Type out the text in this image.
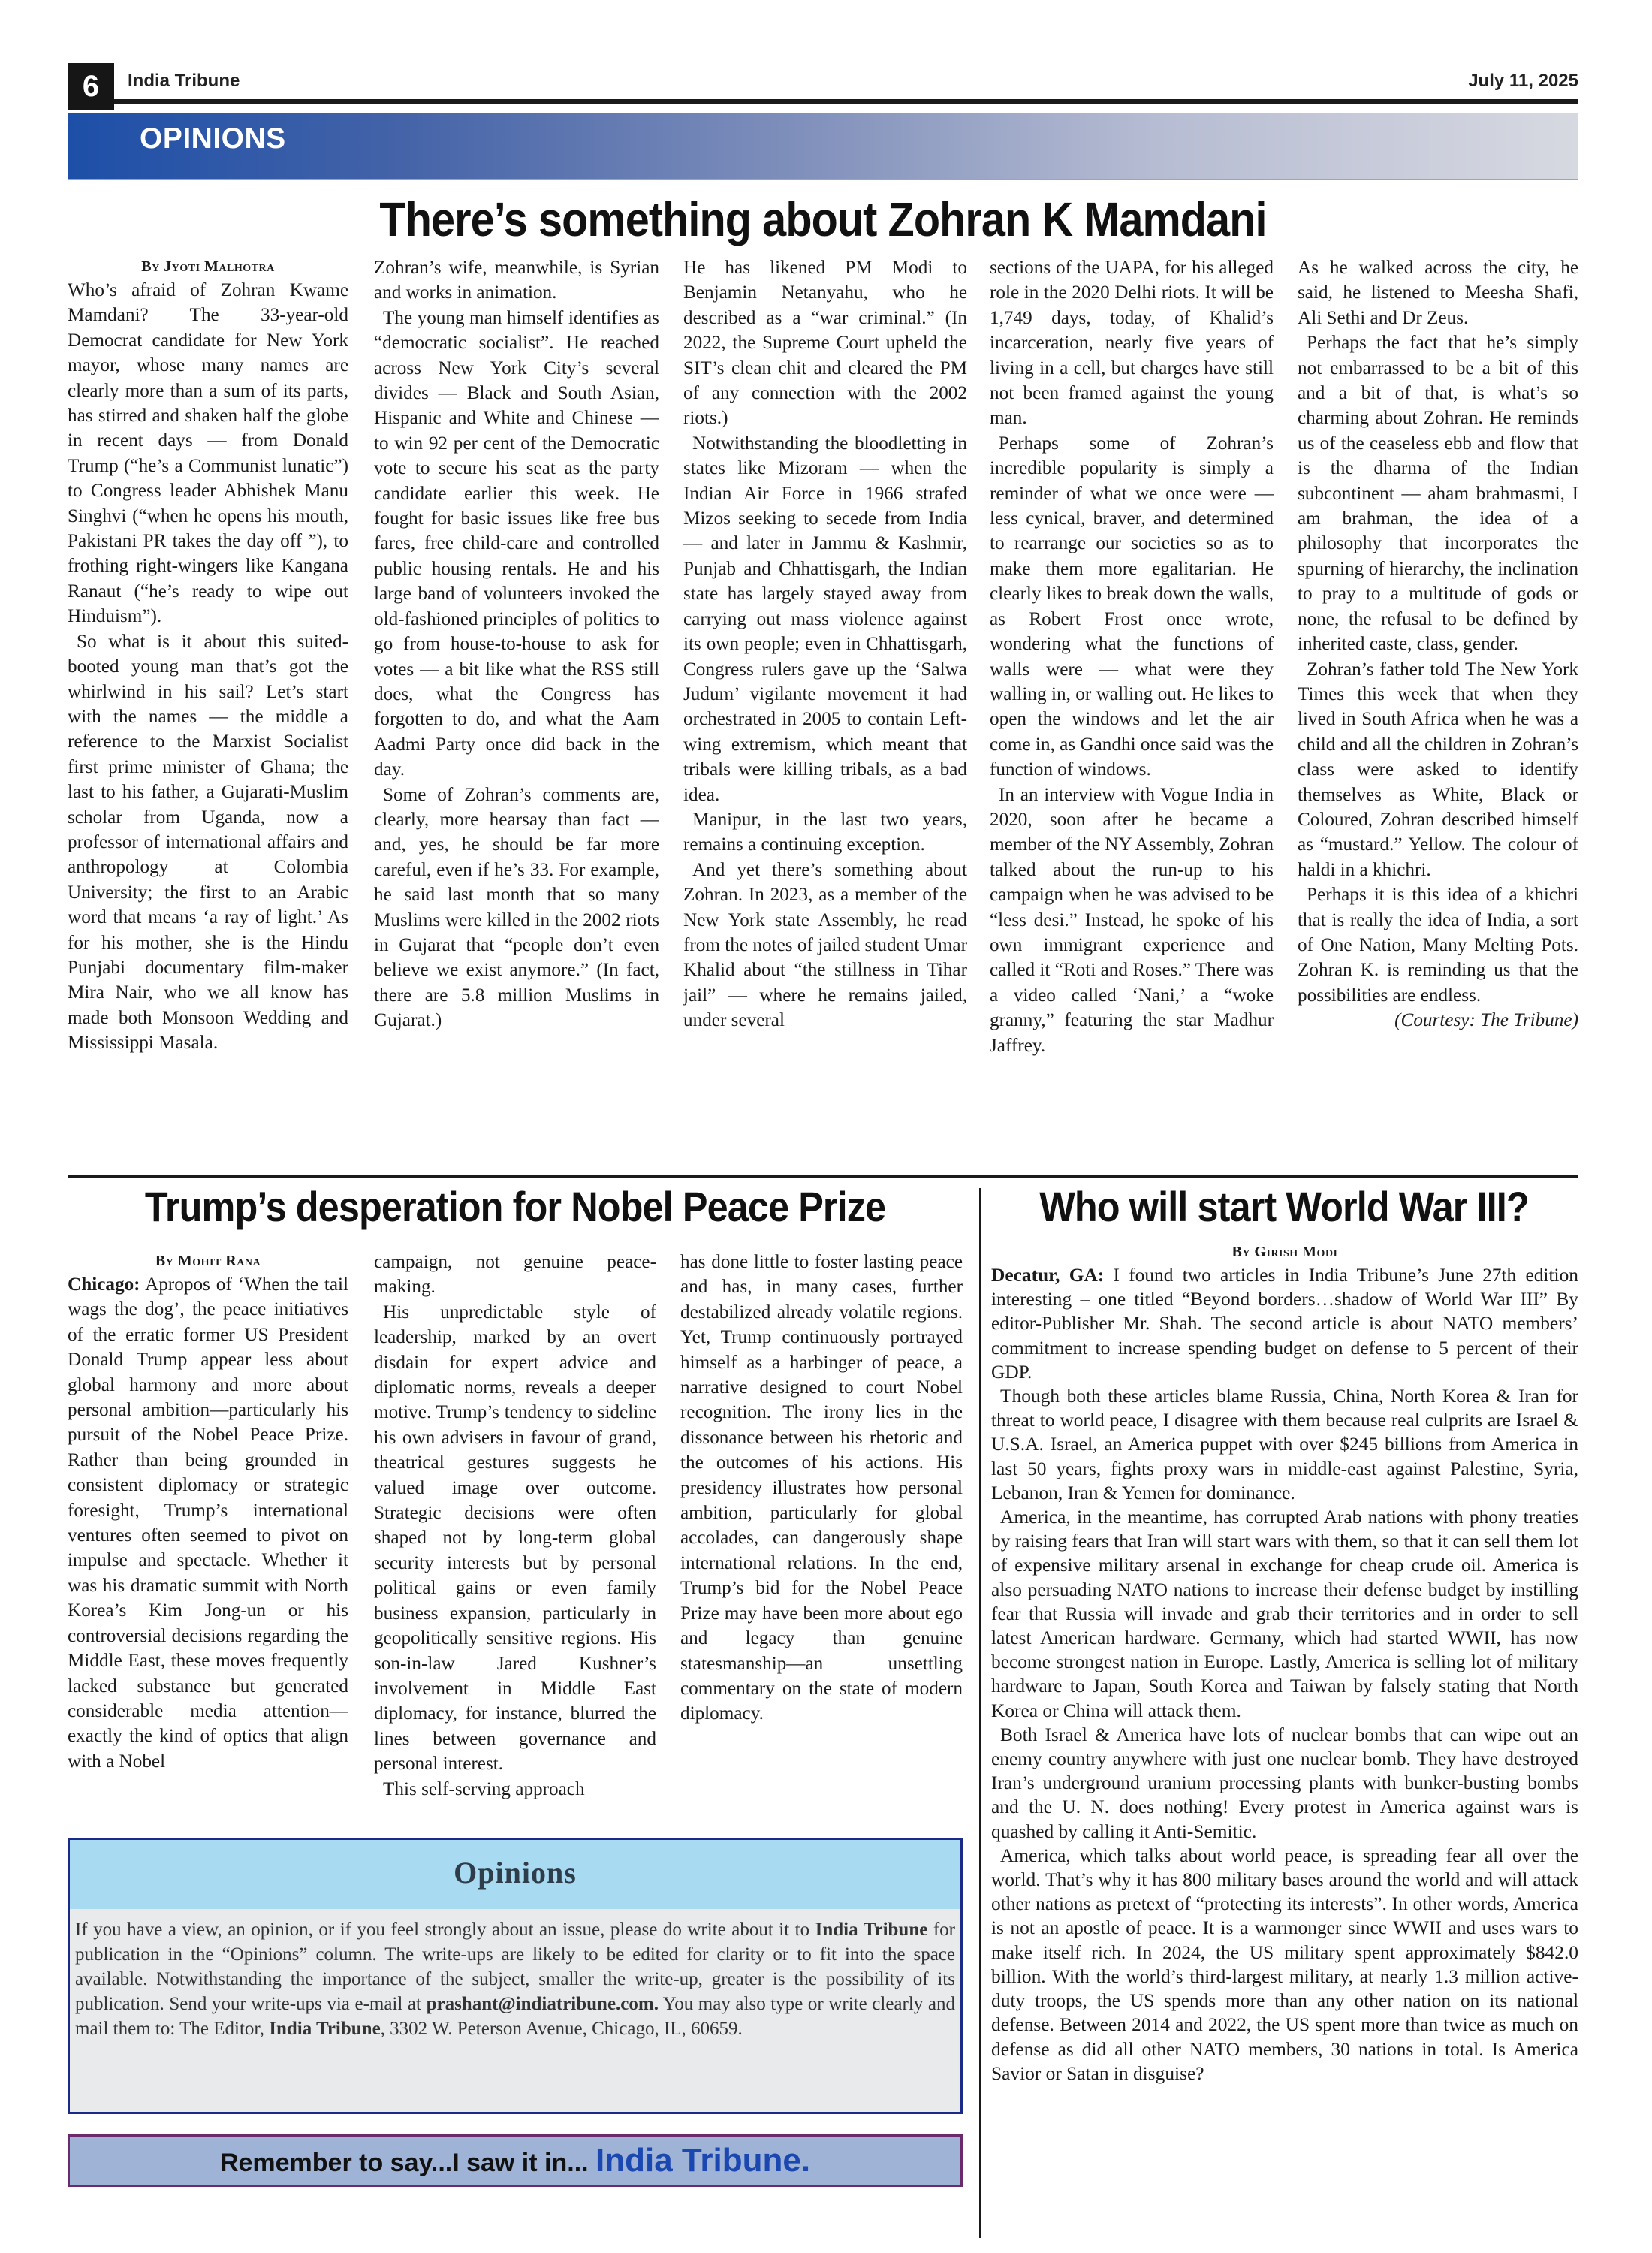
6	India Tribune	July 11, 2025
OPINIONS
There’s something about Zohran K Mamdani
By Jyoti Malhotra

Who’s afraid of Zohran Kwame Mamdani? The 33-year-old Democrat candidate for New York mayor, whose many names are clearly more than a sum of its parts, has stirred and shaken half the globe in recent days — from Donald Trump (“he’s a Communist lunatic”) to Congress leader Abhishek Manu Singhvi (“when he opens his mouth, Pakistani PR takes the day off ”), to frothing right-wingers like Kangana Ranaut (“he’s ready to wipe out Hinduism”).

So what is it about this suited-booted young man that’s got the whirlwind in his sail? Let’s start with the names — the middle a reference to the Marxist Socialist first prime minister of Ghana; the last to his father, a Gujarati-Muslim scholar from Uganda, now a professor of international affairs and anthropology at Colombia University; the first to an Arabic word that means ‘a ray of light.’ As for his mother, she is the Hindu Punjabi documentary film-maker Mira Nair, who we all know has made both Monsoon Wedding and Mississippi Masala.

Zohran’s wife, meanwhile, is Syrian and works in animation.

The young man himself identifies as “democratic socialist”. He reached across New York City’s several divides — Black and South Asian, Hispanic and White and Chinese — to win 92 per cent of the Democratic vote to secure his seat as the party candidate earlier this week. He fought for basic issues like free bus fares, free child-care and controlled public housing rentals. He and his large band of volunteers invoked the old-fashioned principles of politics to go from house-to-house to ask for votes — a bit like what the RSS still does, what the Congress has forgotten to do, and what the Aam Aadmi Party once did back in the day.

Some of Zohran’s comments are, clearly, more hearsay than fact — and, yes, he should be far more careful, even if he’s 33. For example, he said last month that so many Muslims were killed in the 2002 riots in Gujarat that “people don’t even believe we exist anymore.” (In fact, there are 5.8 million Muslims in Gujarat.)

He has likened PM Modi to Benjamin Netanyahu, who he described as a “war criminal.” (In 2022, the Supreme Court upheld the SIT’s clean chit and cleared the PM of any connection with the 2002 riots.)

Notwithstanding the bloodletting in states like Mizoram — when the Indian Air Force in 1966 strafed Mizos seeking to secede from India — and later in Jammu & Kashmir, Punjab and Chhattisgarh, the Indian state has largely stayed away from carrying out mass violence against its own people; even in Chhattisgarh, Congress rulers gave up the ‘Salwa Judum’ vigilante movement it had orchestrated in 2005 to contain Left-wing extremism, which meant that tribals were killing tribals, as a bad idea.

Manipur, in the last two years, remains a continuing exception.

And yet there’s something about Zohran. In 2023, as a member of the New York state Assembly, he read from the notes of jailed student Umar Khalid about “the stillness in Tihar jail” — where he remains jailed, under several

sections of the UAPA, for his alleged role in the 2020 Delhi riots. It will be 1,749 days, today, of Khalid’s incarceration, nearly five years of living in a cell, but charges have still not been framed against the young man.

Perhaps some of Zohran’s incredible popularity is simply a reminder of what we once were — less cynical, braver, and determined to rearrange our societies so as to make them more egalitarian. He clearly likes to break down the walls, as Robert Frost once wrote, wondering what the functions of walls were — what were they walling in, or walling out. He likes to open the windows and let the air come in, as Gandhi once said was the function of windows.

In an interview with Vogue India in 2020, soon after he became a member of the NY Assembly, Zohran talked about the run-up to his campaign when he was advised to be “less desi.” Instead, he spoke of his own immigrant experience and called it “Roti and Roses.” There was a video called ‘Nani,’ a “woke granny,” featuring the star Madhur Jaffrey.

As he walked across the city, he said, he listened to Meesha Shafi, Ali Sethi and Dr Zeus.

Perhaps the fact that he’s simply not embarrassed to be a bit of this and a bit of that, is what’s so charming about Zohran. He reminds us of the ceaseless ebb and flow that is the dharma of the Indian subcontinent — aham brahmasmi, I am brahman, the idea of a philosophy that incorporates the spurning of hierarchy, the inclination to pray to a multitude of gods or none, the refusal to be defined by inherited caste, class, gender.

Zohran’s father told The New York Times this week that when they lived in South Africa when he was a child and all the children in Zohran’s class were asked to identify themselves as White, Black or Coloured, Zohran described himself as “mustard.” Yellow. The colour of haldi in a khichri.

Perhaps it is this idea of a khichri that is really the idea of India, a sort of One Nation, Many Melting Pots. Zohran K. is reminding us that the possibilities are endless.

(Courtesy: The Tribune)

Trump’s desperation for Nobel Peace Prize
By Mohit Rana

Chicago: Apropos of ‘When the tail wags the dog’, the peace initiatives of the erratic former US President Donald Trump appear less about global harmony and more about personal ambition—particularly his pursuit of the Nobel Peace Prize. Rather than being grounded in consistent diplomacy or strategic foresight, Trump’s international ventures often seemed to pivot on impulse and spectacle. Whether it was his dramatic summit with North Korea’s Kim Jong-un or his controversial decisions regarding the Middle East, these moves frequently lacked substance but generated considerable media attention—exactly the kind of optics that align with a Nobel

campaign, not genuine peace-making.

His unpredictable style of leadership, marked by an overt disdain for expert advice and diplomatic norms, reveals a deeper motive. Trump’s tendency to sideline his own advisers in favour of grand, theatrical gestures suggests he valued image over outcome. Strategic decisions were often shaped not by long-term global security interests but by personal political gains or even family business expansion, particularly in geopolitically sensitive regions. His son-in-law Jared Kushner’s involvement in Middle East diplomacy, for instance, blurred the lines between governance and personal interest.

This self-serving approach

has done little to foster lasting peace and has, in many cases, further destabilized already volatile regions. Yet, Trump continuously portrayed himself as a harbinger of peace, a narrative designed to court Nobel recognition. The irony lies in the dissonance between his rhetoric and the outcomes of his actions. His presidency illustrates how personal ambition, particularly for global accolades, can dangerously shape international relations. In the end, Trump’s bid for the Nobel Peace Prize may have been more about ego and legacy than genuine statesmanship—an unsettling commentary on the state of modern diplomacy.

Who will start World War III?
By Girish Modi

Decatur, GA: I found two articles in India Tribune’s June 27th edition interesting – one titled “Beyond borders…shadow of World War III” By editor-Publisher Mr. Shah. The second article is about NATO members’ commitment to increase spending budget on defense to 5 percent of their GDP.

Though both these articles blame Russia, China, North Korea & Iran for threat to world peace, I disagree with them because real culprits are Israel & U.S.A. Israel, an America puppet with over $245 billions from America in last 50 years, fights proxy wars in middle-east against Palestine, Syria, Lebanon, Iran & Yemen for dominance.

America, in the meantime, has corrupted Arab nations with phony treaties by raising fears that Iran will start wars with them, so that it can sell them lot of expensive military arsenal in exchange for cheap crude oil. America is also persuading NATO nations to increase their defense budget by instilling fear that Russia will invade and grab their territories and in order to sell latest American hardware. Germany, which had started WWII, has now become strongest nation in Europe. Lastly, America is selling lot of military hardware to Japan, South Korea and Taiwan by falsely stating that North Korea or China will attack them.

Both Israel & America have lots of nuclear bombs that can wipe out an enemy country anywhere with just one nuclear bomb. They have destroyed Iran’s underground uranium processing plants with bunker-busting bombs and the U. N. does nothing! Every protest in America against wars is quashed by calling it Anti-Semitic.

America, which talks about world peace, is spreading fear all over the world. That’s why it has 800 military bases around the world and will attack other nations as pretext of “protecting its interests”. In other words, America is not an apostle of peace. It is a warmonger since WWII and uses wars to make itself rich. In 2024, the US military spent approximately $842.0 billion. With the world’s third-largest military, at nearly 1.3 million active-duty troops, the US spends more than any other nation on its national defense. Between 2014 and 2022, the US spent more than twice as much on defense as did all other NATO members, 30 nations in total. Is America Savior or Satan in disguise?

Opinions
If you have a view, an opinion, or if you feel strongly about an issue, please do write about it to India Tribune for publication in the “Opinions” column. The write-ups are likely to be edited for clarity or to fit into the space available. Notwithstanding the importance of the subject, smaller the write-up, greater is the possibility of its publication. Send your write-ups via e-mail at prashant@indiatribune.com. You may also type or write clearly and mail them to: The Editor, India Tribune, 3302 W. Peterson Avenue, Chicago, IL, 60659.
Remember to say...I saw it in... India Tribune.
